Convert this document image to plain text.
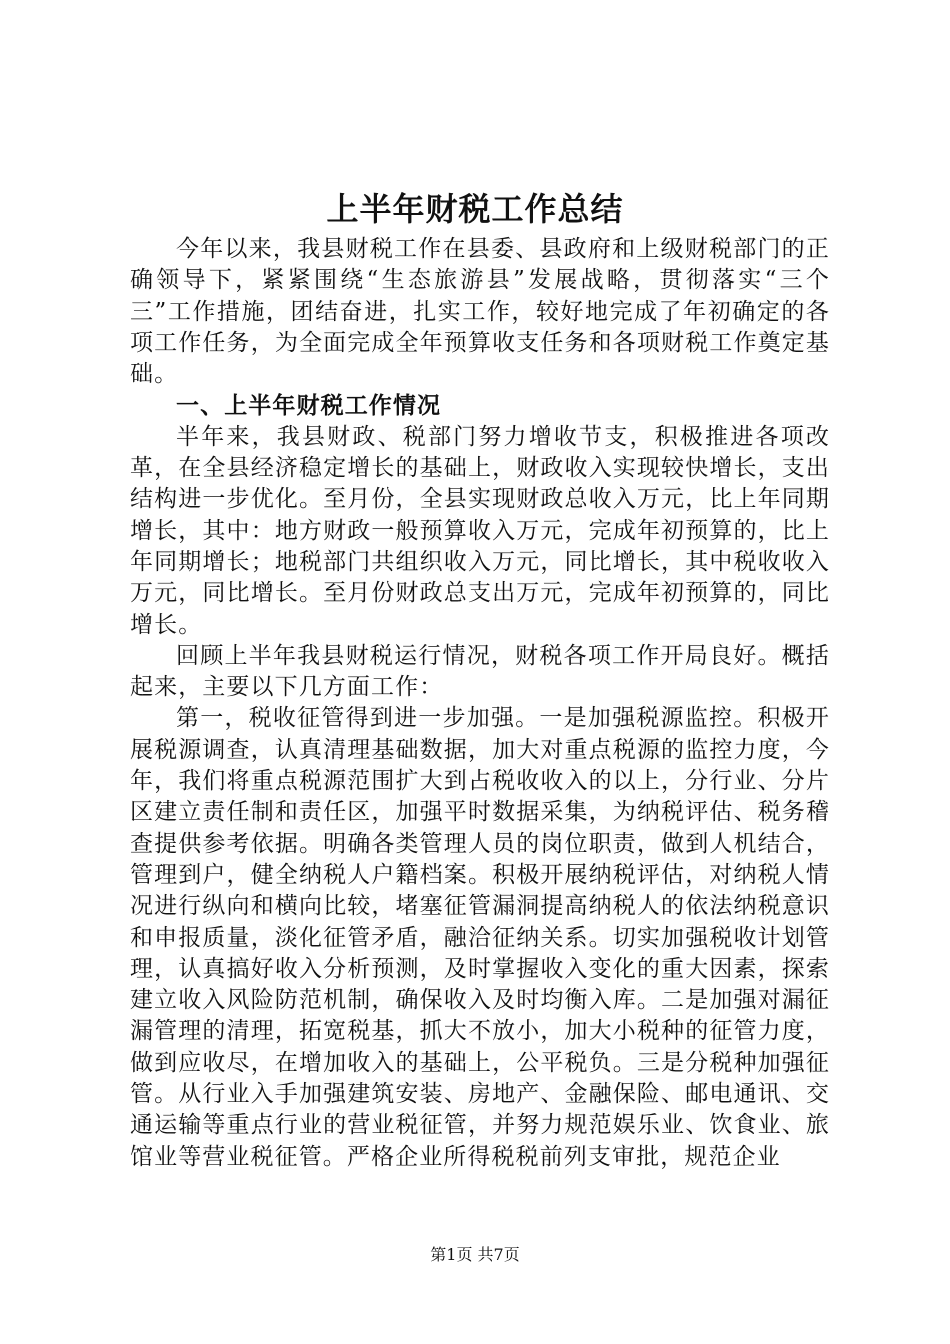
上半年财税工作总结

今年以来，我县财税工作在县委、县政府和上级财税部门的正确领导下，紧紧围绕“生态旅游县”发展战略，贯彻落实“三个三”工作措施，团结奋进，扎实工作，较好地完成了年初确定的各项工作任务，为全面完成全年预算收支任务和各项财税工作奠定基础。

一、上半年财税工作情况

半年来，我县财政、税部门努力增收节支，积极推进各项改革，在全县经济稳定增长的基础上，财政收入实现较快增长，支出结构进一步优化。至月份，全县实现财政总收入万元，比上年同期增长，其中：地方财政一般预算收入万元，完成年初预算的，比上年同期增长；地税部门共组织收入万元，同比增长，其中税收收入万元，同比增长。至月份财政总支出万元，完成年初预算的，同比增长。

回顾上半年我县财税运行情况，财税各项工作开局良好。概括起来，主要以下几方面工作：

第一，税收征管得到进一步加强。一是加强税源监控。积极开展税源调查，认真清理基础数据，加大对重点税源的监控力度，今年，我们将重点税源范围扩大到占税收收入的以上，分行业、分片区建立责任制和责任区，加强平时数据采集，为纳税评估、税务稽查提供参考依据。明确各类管理人员的岗位职责，做到人机结合，管理到户，健全纳税人户籍档案。积极开展纳税评估，对纳税人情况进行纵向和横向比较，堵塞征管漏洞提高纳税人的依法纳税意识和申报质量，淡化征管矛盾，融洽征纳关系。切实加强税收计划管理，认真搞好收入分析预测，及时掌握收入变化的重大因素，探索建立收入风险防范机制，确保收入及时均衡入库。二是加强对漏征漏管理的清理，拓宽税基，抓大不放小，加大小税种的征管力度，做到应收尽，在增加收入的基础上，公平税负。三是分税种加强征管。从行业入手加强建筑安装、房地产、金融保险、邮电通讯、交通运输等重点行业的营业税征管，并努力规范娱乐业、饮食业、旅馆业等营业税征管。严格企业所得税税前列支审批，规范企业

第1页 共7页
